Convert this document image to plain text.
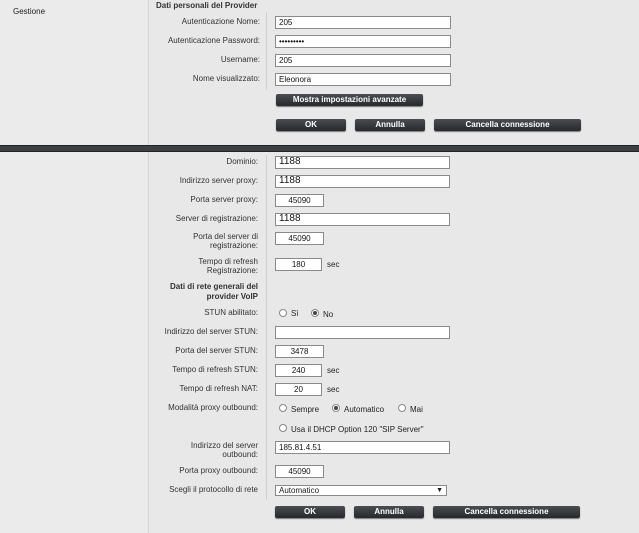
Gestione
Dati personali del Provider
Autenticazione Nome:	205
Autenticazione Password:	•••••••••
Username:	205
Nome visualizzato:	Eleonora
Mostra impostazioni avanzate
OK	Annulla	Cancella connessione
Dominio:	1188
Indirizzo server proxy:	1188
Porta server proxy:	45090
Server di registrazione:	1188
Porta del server di
registrazione:
45090
Tempo di refresh
Registrazione:
180	sec
Dati di rete generali del
provider VoIP
STUN abilitato:	Sì	No
Indirizzo del server STUN:
Porta del server STUN:	3478
Tempo di refresh STUN:	240	sec
Tempo di refresh NAT:	20	sec
Modalità proxy outbound:	Sempre	Automatico	Mai
Usa il DHCP Option 120 "SIP Server"
Indirizzo del server
outbound:
185.81.4.51
Porta proxy outbound:	45090
Scegli il protocollo di rete	Automatico	▼
OK	Annulla	Cancella connessione
